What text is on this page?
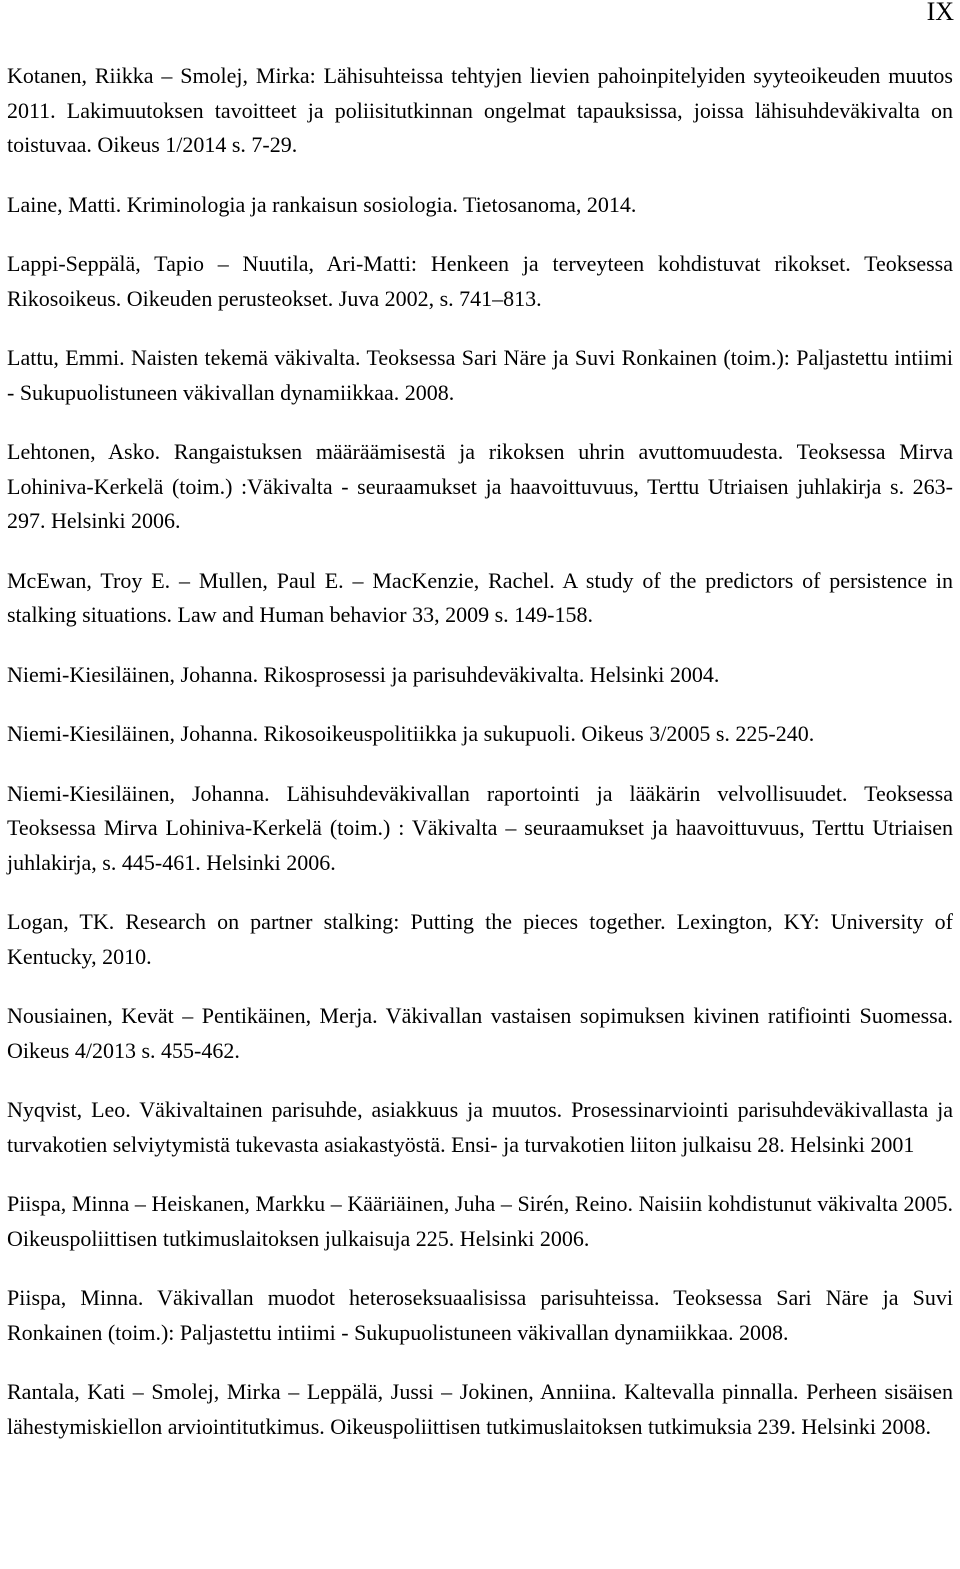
IX

Kotanen, Riikka – Smolej, Mirka: Lähisuhteissa tehtyjen lievien pahoinpitelyiden syyteoikeuden muutos 2011. Lakimuutoksen tavoitteet ja poliisitutkinnan ongelmat tapauksissa, joissa lähisuhdeväkivalta on toistuvaa. Oikeus 1/2014 s. 7-29.

Laine, Matti. Kriminologia ja rankaisun sosiologia. Tietosanoma, 2014.

Lappi-Seppälä, Tapio – Nuutila, Ari-Matti: Henkeen ja terveyteen kohdistuvat rikokset. Teoksessa Rikosoikeus. Oikeuden perusteokset. Juva 2002, s. 741–813.

Lattu, Emmi. Naisten tekemä väkivalta. Teoksessa Sari Näre ja Suvi Ronkainen (toim.): Paljastettu intiimi - Sukupuolistuneen väkivallan dynamiikkaa. 2008.

Lehtonen, Asko. Rangaistuksen määräämisestä ja rikoksen uhrin avuttomuudesta. Teoksessa Mirva Lohiniva-Kerkelä (toim.) :Väkivalta - seuraamukset ja haavoittuvuus, Terttu Utriaisen juhlakirja s. 263-297. Helsinki 2006.

McEwan, Troy E. – Mullen, Paul E. – MacKenzie, Rachel. A study of the predictors of persistence in stalking situations. Law and Human behavior 33, 2009 s. 149-158.

Niemi-Kiesiläinen, Johanna. Rikosprosessi ja parisuhdeväkivalta. Helsinki 2004.

Niemi-Kiesiläinen, Johanna. Rikosoikeuspolitiikka ja sukupuoli. Oikeus 3/2005 s. 225-240.

Niemi-Kiesiläinen, Johanna. Lähisuhdeväkivallan raportointi ja lääkärin velvollisuudet. Teoksessa Teoksessa Mirva Lohiniva-Kerkelä (toim.) : Väkivalta – seuraamukset ja haavoittuvuus, Terttu Utriaisen juhlakirja, s. 445-461. Helsinki 2006.

Logan, TK. Research on partner stalking: Putting the pieces together. Lexington, KY: University of Kentucky, 2010.

Nousiainen, Kevät – Pentikäinen, Merja. Väkivallan vastaisen sopimuksen kivinen ratifiointi Suomessa. Oikeus 4/2013 s. 455-462.

Nyqvist, Leo. Väkivaltainen parisuhde, asiakkuus ja muutos. Prosessinarviointi parisuhdeväkivallasta ja turvakotien selviytymistä tukevasta asiakastyöstä. Ensi- ja turvakotien liiton julkaisu 28. Helsinki 2001

Piispa, Minna – Heiskanen, Markku – Kääriäinen, Juha – Sirén, Reino. Naisiin kohdistunut väkivalta 2005. Oikeuspoliittisen tutkimuslaitoksen julkaisuja 225. Helsinki 2006.

Piispa, Minna. Väkivallan muodot heteroseksuaalisissa parisuhteissa. Teoksessa Sari Näre ja Suvi Ronkainen (toim.): Paljastettu intiimi - Sukupuolistuneen väkivallan dynamiikkaa. 2008.

Rantala, Kati – Smolej, Mirka – Leppälä, Jussi – Jokinen, Anniina. Kaltevalla pinnalla. Perheen sisäisen lähestymiskiellon arviointitutkimus. Oikeuspoliittisen tutkimuslaitoksen tutkimuksia 239. Helsinki 2008.
